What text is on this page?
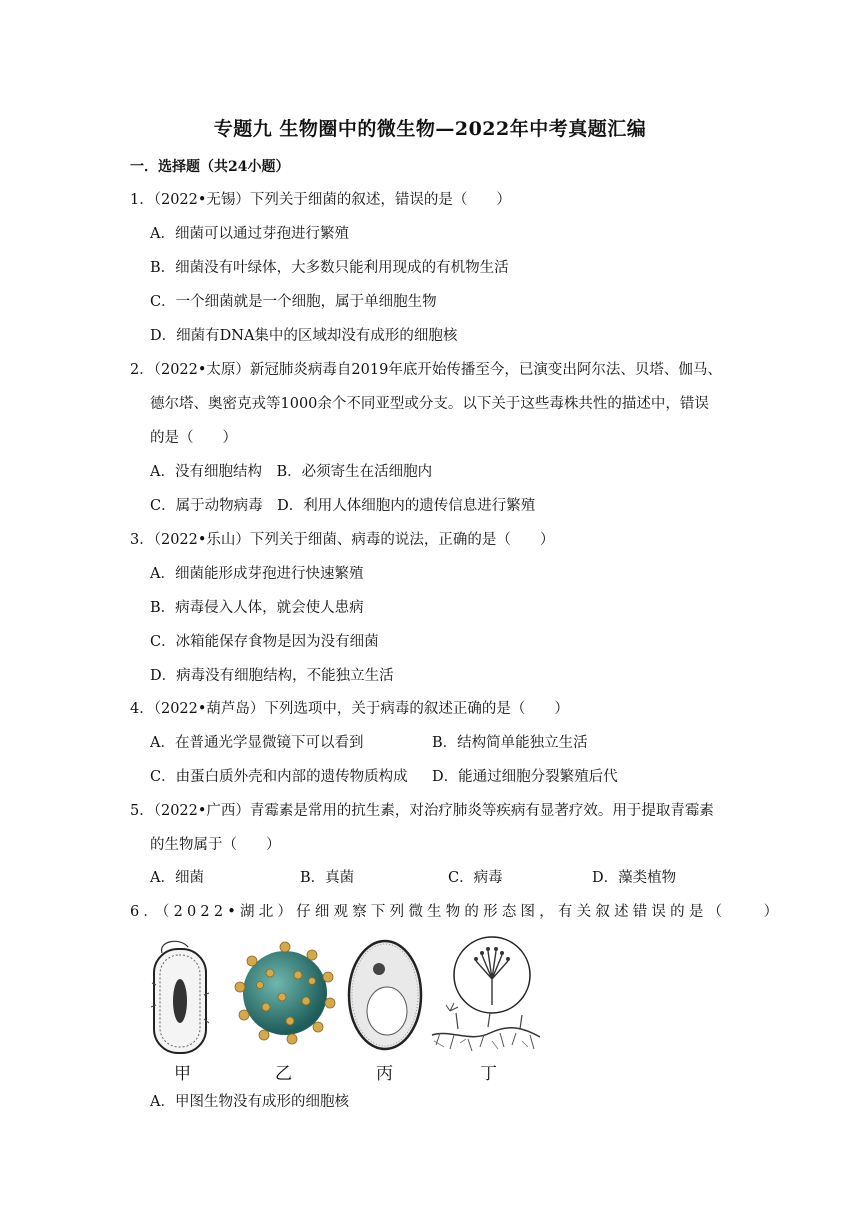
专题九 生物圈中的微生物—2022年中考真题汇编
一．选择题（共24小题）
1．（2022•无锡）下列关于细菌的叙述，错误的是（　　）
A．细菌可以通过芽孢进行繁殖
B．细菌没有叶绿体，大多数只能利用现成的有机物生活
C．一个细菌就是一个细胞，属于单细胞生物
D．细菌有DNA集中的区域却没有成形的细胞核
2．（2022•太原）新冠肺炎病毒自2019年底开始传播至今，已演变出阿尔法、贝塔、伽马、
德尔塔、奥密克戎等1000余个不同亚型或分支。以下关于这些毒株共性的描述中，错误
的是（　　）
A．没有细胞结构　B．必须寄生在活细胞内
C．属于动物病毒　D．利用人体细胞内的遗传信息进行繁殖
3．（2022•乐山）下列关于细菌、病毒的说法，正确的是（　　）
A．细菌能形成芽孢进行快速繁殖
B．病毒侵入人体，就会使人患病
C．冰箱能保存食物是因为没有细菌
D．病毒没有细胞结构，不能独立生活
4．（2022•葫芦岛）下列选项中，关于病毒的叙述正确的是（　　）
A．在普通光学显微镜下可以看到	B．结构简单能独立生活
C．由蛋白质外壳和内部的遗传物质构成 D．能通过细胞分裂繁殖后代
5．（2022•广西）青霉素是常用的抗生素，对治疗肺炎等疾病有显著疗效。用于提取青霉素
的生物属于（　　）
A．细菌	B．真菌	C．病毒	D．藻类植物
6．（2022•湖北）仔细观察下列微生物的形态图，有关叙述错误的是（　　）
甲	乙	丙	丁
A．甲图生物没有成形的细胞核
